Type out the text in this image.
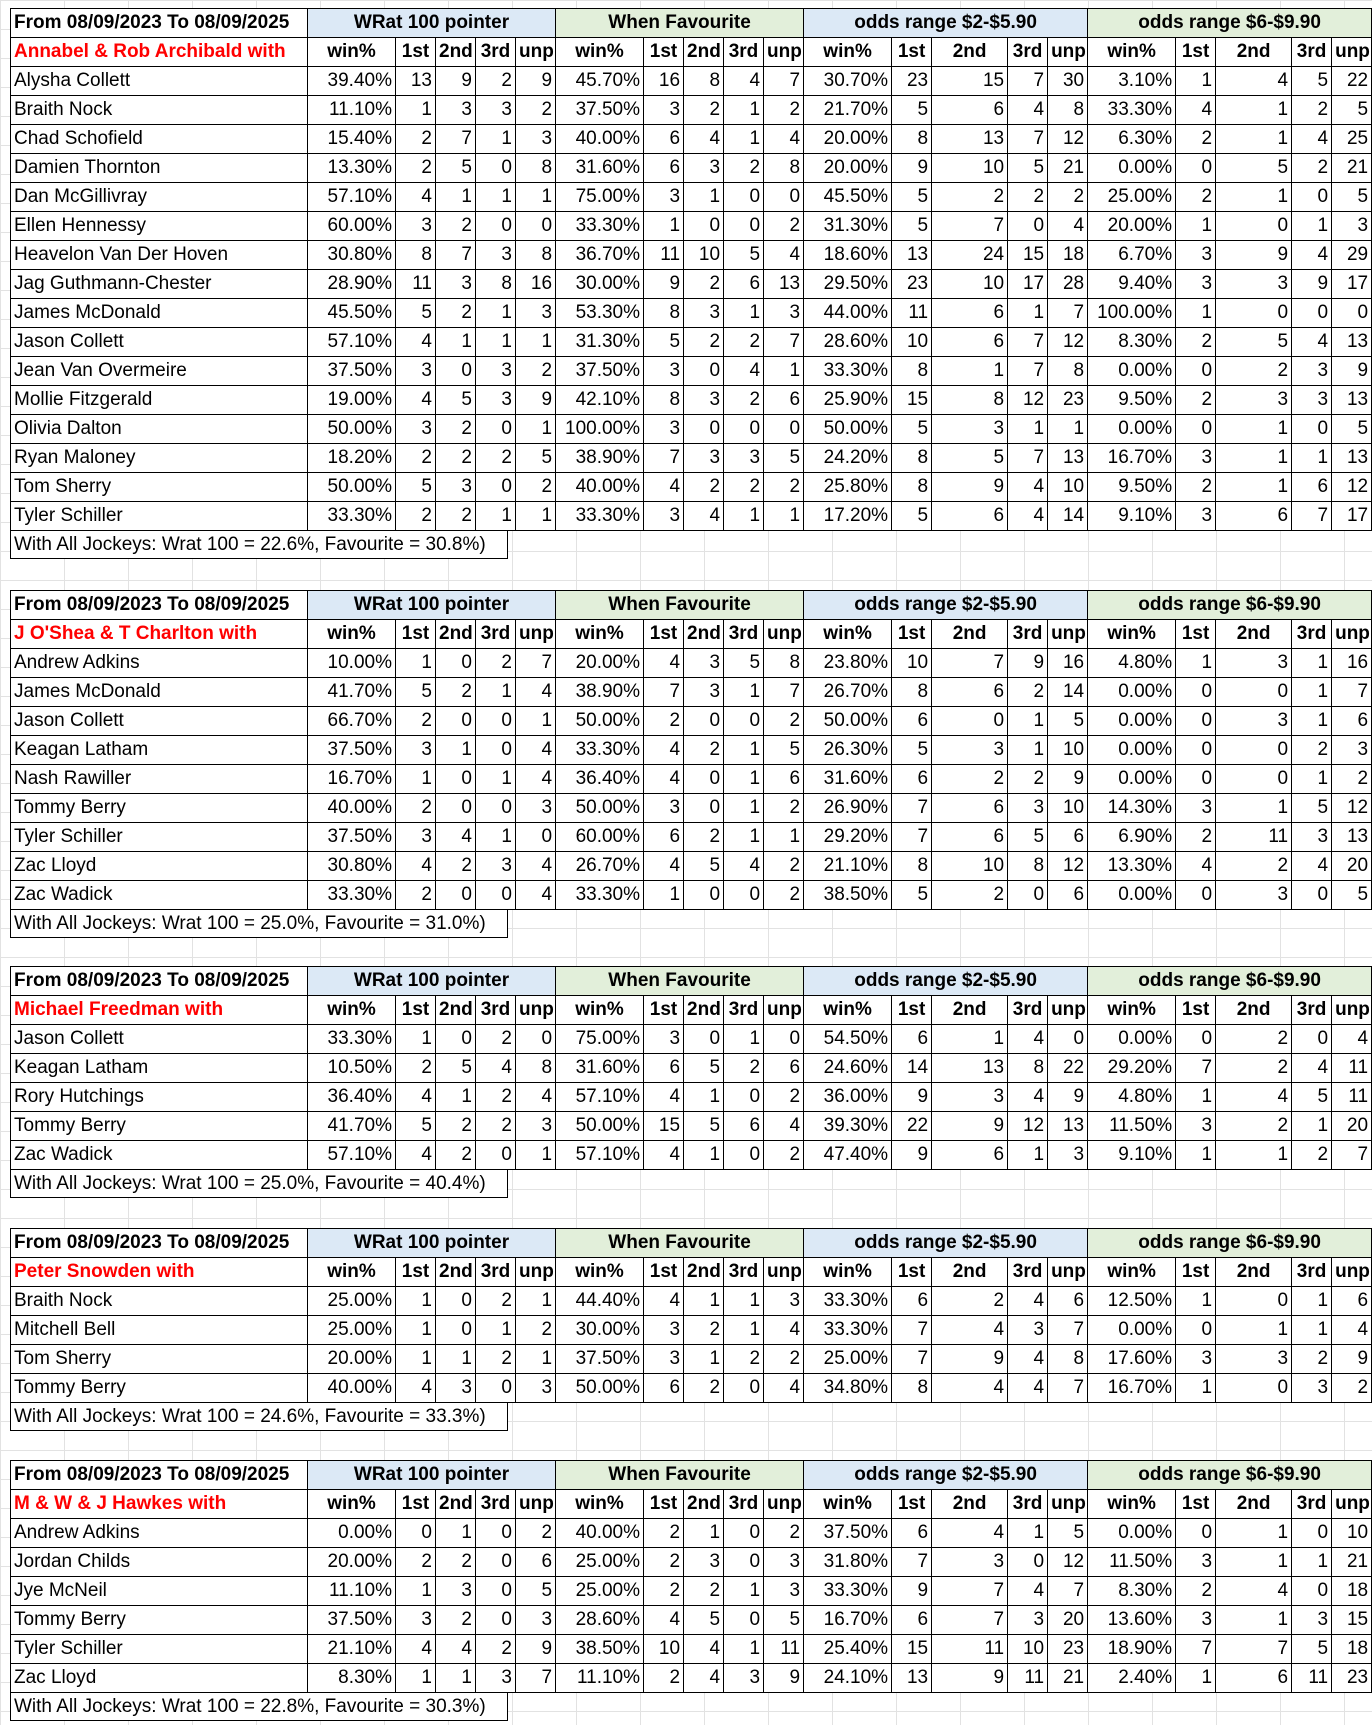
From 08/09/2023 To 08/09/2025	WRat 100 pointer					When Favourite					odds range $2-$5.90					odds range $6-$9.90				
Annabel & Rob Archibald with	win%	1st	2nd	3rd	unp	win%	1st	2nd	3rd	unp	win%	1st	2nd	3rd	unp	win%	1st	2nd	3rd	unp
Alysha Collett	39.40%	13	9	2	9	45.70%	16	8	4	7	30.70%	23	15	7	30	3.10%	1	4	5	22
Braith Nock	11.10%	1	3	3	2	37.50%	3	2	1	2	21.70%	5	6	4	8	33.30%	4	1	2	5
Chad Schofield	15.40%	2	7	1	3	40.00%	6	4	1	4	20.00%	8	13	7	12	6.30%	2	1	4	25
Damien Thornton	13.30%	2	5	0	8	31.60%	6	3	2	8	20.00%	9	10	5	21	0.00%	0	5	2	21
Dan McGillivray	57.10%	4	1	1	1	75.00%	3	1	0	0	45.50%	5	2	2	2	25.00%	2	1	0	5
Ellen Hennessy	60.00%	3	2	0	0	33.30%	1	0	0	2	31.30%	5	7	0	4	20.00%	1	0	1	3
Heavelon Van Der Hoven	30.80%	8	7	3	8	36.70%	11	10	5	4	18.60%	13	24	15	18	6.70%	3	9	4	29
Jag Guthmann-Chester	28.90%	11	3	8	16	30.00%	9	2	6	13	29.50%	23	10	17	28	9.40%	3	3	9	17
James McDonald	45.50%	5	2	1	3	53.30%	8	3	1	3	44.00%	11	6	1	7	100.00%	1	0	0	0
Jason Collett	57.10%	4	1	1	1	31.30%	5	2	2	7	28.60%	10	6	7	12	8.30%	2	5	4	13
Jean Van Overmeire	37.50%	3	0	3	2	37.50%	3	0	4	1	33.30%	8	1	7	8	0.00%	0	2	3	9
Mollie Fitzgerald	19.00%	4	5	3	9	42.10%	8	3	2	6	25.90%	15	8	12	23	9.50%	2	3	3	13
Olivia Dalton	50.00%	3	2	0	1	100.00%	3	0	0	0	50.00%	5	3	1	1	0.00%	0	1	0	5
Ryan Maloney	18.20%	2	2	2	5	38.90%	7	3	3	5	24.20%	8	5	7	13	16.70%	3	1	1	13
Tom Sherry	50.00%	5	3	0	2	40.00%	4	2	2	2	25.80%	8	9	4	10	9.50%	2	1	6	12
Tyler Schiller	33.30%	2	2	1	1	33.30%	3	4	1	1	17.20%	5	6	4	14	9.10%	3	6	7	17
With All Jockeys: Wrat 100 = 22.6%, Favourite = 30.8%)
From 08/09/2023 To 08/09/2025	WRat 100 pointer					When Favourite					odds range $2-$5.90					odds range $6-$9.90				
J O'Shea & T Charlton with	win%	1st	2nd	3rd	unp	win%	1st	2nd	3rd	unp	win%	1st	2nd	3rd	unp	win%	1st	2nd	3rd	unp
Andrew Adkins	10.00%	1	0	2	7	20.00%	4	3	5	8	23.80%	10	7	9	16	4.80%	1	3	1	16
James McDonald	41.70%	5	2	1	4	38.90%	7	3	1	7	26.70%	8	6	2	14	0.00%	0	0	1	7
Jason Collett	66.70%	2	0	0	1	50.00%	2	0	0	2	50.00%	6	0	1	5	0.00%	0	3	1	6
Keagan Latham	37.50%	3	1	0	4	33.30%	4	2	1	5	26.30%	5	3	1	10	0.00%	0	0	2	3
Nash Rawiller	16.70%	1	0	1	4	36.40%	4	0	1	6	31.60%	6	2	2	9	0.00%	0	0	1	2
Tommy Berry	40.00%	2	0	0	3	50.00%	3	0	1	2	26.90%	7	6	3	10	14.30%	3	1	5	12
Tyler Schiller	37.50%	3	4	1	0	60.00%	6	2	1	1	29.20%	7	6	5	6	6.90%	2	11	3	13
Zac Lloyd	30.80%	4	2	3	4	26.70%	4	5	4	2	21.10%	8	10	8	12	13.30%	4	2	4	20
Zac Wadick	33.30%	2	0	0	4	33.30%	1	0	0	2	38.50%	5	2	0	6	0.00%	0	3	0	5
With All Jockeys: Wrat 100 = 25.0%, Favourite = 31.0%)
From 08/09/2023 To 08/09/2025	WRat 100 pointer					When Favourite					odds range $2-$5.90					odds range $6-$9.90				
Michael Freedman with	win%	1st	2nd	3rd	unp	win%	1st	2nd	3rd	unp	win%	1st	2nd	3rd	unp	win%	1st	2nd	3rd	unp
Jason Collett	33.30%	1	0	2	0	75.00%	3	0	1	0	54.50%	6	1	4	0	0.00%	0	2	0	4
Keagan Latham	10.50%	2	5	4	8	31.60%	6	5	2	6	24.60%	14	13	8	22	29.20%	7	2	4	11
Rory Hutchings	36.40%	4	1	2	4	57.10%	4	1	0	2	36.00%	9	3	4	9	4.80%	1	4	5	11
Tommy Berry	41.70%	5	2	2	3	50.00%	15	5	6	4	39.30%	22	9	12	13	11.50%	3	2	1	20
Zac Wadick	57.10%	4	2	0	1	57.10%	4	1	0	2	47.40%	9	6	1	3	9.10%	1	1	2	7
With All Jockeys: Wrat 100 = 25.0%, Favourite = 40.4%)
From 08/09/2023 To 08/09/2025	WRat 100 pointer					When Favourite					odds range $2-$5.90					odds range $6-$9.90				
Peter Snowden with	win%	1st	2nd	3rd	unp	win%	1st	2nd	3rd	unp	win%	1st	2nd	3rd	unp	win%	1st	2nd	3rd	unp
Braith Nock	25.00%	1	0	2	1	44.40%	4	1	1	3	33.30%	6	2	4	6	12.50%	1	0	1	6
Mitchell Bell	25.00%	1	0	1	2	30.00%	3	2	1	4	33.30%	7	4	3	7	0.00%	0	1	1	4
Tom Sherry	20.00%	1	1	2	1	37.50%	3	1	2	2	25.00%	7	9	4	8	17.60%	3	3	2	9
Tommy Berry	40.00%	4	3	0	3	50.00%	6	2	0	4	34.80%	8	4	4	7	16.70%	1	0	3	2
With All Jockeys: Wrat 100 = 24.6%, Favourite = 33.3%)
From 08/09/2023 To 08/09/2025	WRat 100 pointer					When Favourite					odds range $2-$5.90					odds range $6-$9.90				
M & W & J Hawkes with	win%	1st	2nd	3rd	unp	win%	1st	2nd	3rd	unp	win%	1st	2nd	3rd	unp	win%	1st	2nd	3rd	unp
Andrew Adkins	0.00%	0	1	0	2	40.00%	2	1	0	2	37.50%	6	4	1	5	0.00%	0	1	0	10
Jordan Childs	20.00%	2	2	0	6	25.00%	2	3	0	3	31.80%	7	3	0	12	11.50%	3	1	1	21
Jye McNeil	11.10%	1	3	0	5	25.00%	2	2	1	3	33.30%	9	7	4	7	8.30%	2	4	0	18
Tommy Berry	37.50%	3	2	0	3	28.60%	4	5	0	5	16.70%	6	7	3	20	13.60%	3	1	3	15
Tyler Schiller	21.10%	4	4	2	9	38.50%	10	4	1	11	25.40%	15	11	10	23	18.90%	7	7	5	18
Zac Lloyd	8.30%	1	1	3	7	11.10%	2	4	3	9	24.10%	13	9	11	21	2.40%	1	6	11	23
With All Jockeys: Wrat 100 = 22.8%, Favourite = 30.3%)
